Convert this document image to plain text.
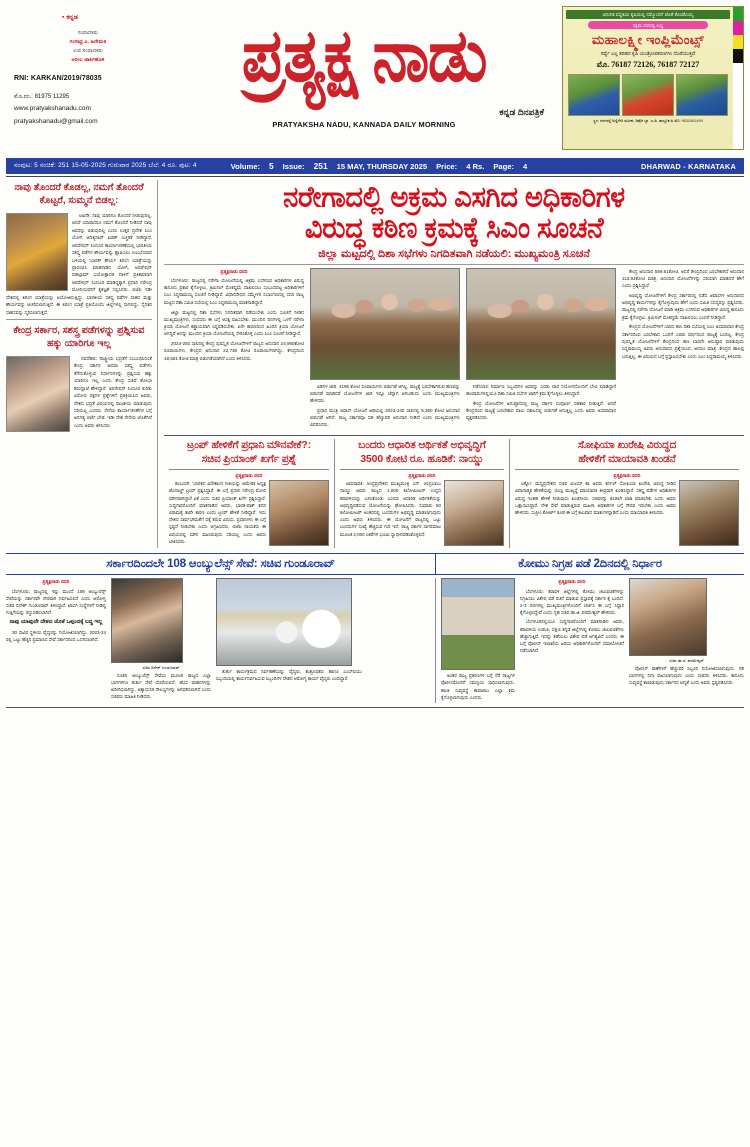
▪ ಕನ್ನಡ
ಸಂಪಾದಕರು
ಗಂಗಾಧ್ರ ಎ. ಹಿರೇಮಠ
ಉಪ ಸಂಪಾದಕರು
ಅನೀಲ ಜಾರ್ಕಿಹೊಳಿ
RNI: KARKAN/2019/78035
ಮೊ.ನಂ.: 81975 11295
www.pratyakshanadu.com
pratyakshanadu@gmail.com
ಪ್ರತ್ಯಕ್ಷ ನಾಡು
ಕನ್ನಡ ದಿನಪತ್ರಿಕೆ
PRATYAKSHA NADU, KANNADA DAILY MORNING
ಆಧುನಿಕ ಪದ್ಧತಿಯ ಕೃಷಿಯಲ್ಲಿ ನಮ್ಮೊಂದಿಗೆ ಜೊತೆ ಕೊಂಡೊಯ್ಯ
ಸಕ್ಷಮ ದರದಲ್ಲಿ ಲಭ್ಯ
ಮಹಾಲಕ್ಷ್ಮೀ ಇಂಪ್ಲಿಮೆಂಟ್ಸ್
ಸರ್ವ್ಯೆ ಎಲ್ಲ ತರಹದ ಕೃಷಿ ಯಂತ್ರೋಪಕರಣಗಳು ದೊರೆಯುತ್ತವೆ
ಮೊ. 76187 72126, 76187 72127
ಸ್ಥಳ: ಗದಗರಸ್ತೆ ಅಣ್ಣಿಗೇರಿ ಸಮೀಪ, ಡಿಪೋ ಬ್ಯಾ. ಎ-ಹಿ. ತಾಲ್ಲೂಕ-ಹಿ ಮೊ: 9632461499
ಸಂಪುಟ: 5 ಸಂಚಿಕೆ: 251 15-05-2025 ಗುರುವಾರ 2025 ಬೆಲೆ: 4 ರೂ. ಪುಟ: 4	Volume: 5 Issue: 251 15 MAY, THURSDAY 2025 Price: 4 Rs. Page: 4	DHARWAD - KARNATAKA
ನಾವು ತೊಂದರೆ ಕೊಡಲ್ಲ, ನಮಗೆ ತೊಂದರೆ ಕೊಟ್ಟರೆ, ಸುಮ್ಮನೆ ಬಿಡಲ್ಲ:

ಲಖನೌ: ನಾವು ಯಾರಿಗೂ ತೊಂದರೆ ನೀಡುವುದಿಲ್ಲ. ಆದರೆ ಯಾರಾದರೂ ನಮಗೆ ತೊಂದರೆ ನೀಡಿದರೆ ನಾವು ಅವರನ್ನು ಬಿಡುವುದಿಲ್ಲ ಎಂದು ಉತ್ತರ ಪ್ರದೇಶ ಸಿಎಂ ಯೋಗಿ ಆದಿತ್ಯನಾಥ್ ಖಡಕ್ ಎಚ್ಚರಿಕೆ ನೀಡಿದ್ದಾರೆ. ಆಪರೇಷನ್ ಸಿಂದೂರ ಕಾರ್ಯಾಚರಣೆಯಲ್ಲಿ ಭಾರತೀಯ ಸಶಸ್ತ್ರ ಪಡೆಗಳ ಶೌರ್ಯವನ್ನು ಶ್ಲಾಘಿಸಲು ಉಬಭೆಯಾದ ಬಳಿಯಲ್ಲಿ 'ಭಾರತ್ ಶೌರ್ಯ ತಿರಂಗ ಯಾತ್ರೆ'ಯನ್ನು ಪ್ರಾರಂಭಿಸಿ ಮಾತನಾಡಿದ ಯೋಗಿ, ಆಪರೇಷನ್ ಪಹಲ್ಗಾಮ್ ಭಯೋತ್ಪಾದಕ ದಾಳಿಗೆ ಪ್ರತಿಕಾರವಾಗಿ ಆಪರೇಷನ್ ಸಿಂದೂರ ಮಾಡಿದ್ದಕ್ಕಾಗಿ ಪ್ರಧಾನಿ ನರೇಂದ್ರ ಮೋದಿಯವರಿಗೆ ಕೃತಜ್ಞತೆ ಸಲ್ಲಿಸಿದರು. ಬಿಜೆಪಿ ಇಡೀ ದೇಶದಲ್ಲಿ ತಿರಂಗ ಯಾತ್ರೆಯನ್ನು ಆಯೋಜಿಸುತ್ತಿದ್ದು, ಭಾರತೀಯ ಸಶಸ್ತ್ರ ಪಡೆಗಳ ಸಾಹಸ ಮತ್ತು ಶೌರ್ಯವನ್ನು ಆಚರಿಸಲಾಗುತ್ತಿದೆ. ಈ ತಿರಂಗ ಯಾತ್ರೆ ಪ್ರತಿಯೊಂದು ಜಿಲ್ಲೆಗಳಲ್ಲಿ ಸಾಗಲಿದ್ದು, ಸೈನಿಕರ ಸಾಹಸವನ್ನು ಸ್ಮರಿಸಲಾಗುತ್ತದೆ.

ಕೇಂದ್ರ ಸರ್ಕಾರ, ಸಶಸ್ತ್ರ ಪಡೆಗಳನ್ನು ಪ್ರಶ್ನಿಸುವ ಹಕ್ಕು ಯಾರಿಗೂ ಇಲ್ಲ

ನವದೆಹಲಿ: 'ರಾಷ್ಟ್ರೀಯ ಭದ್ರತೆಗೆ ಸಂಬಂಧಿಸಿದಂತೆ ಕೇಂದ್ರ ಸರ್ಕಾರ ಅಥವಾ ಸಶಸ್ತ್ರ ಪಡೆಗಳು ತೆಗೆದುಕೊಳ್ಳುವ ನಿರ್ಧಾರಗಳನ್ನು ಪ್ರಶ್ನಿಸುವ ಹಕ್ಕು ಯಾರಿಗೂ ಇಲ್ಲ ಎಂದು ಕೇಂದ್ರ ಸಚಿವೆ ಶೋಭಾ ಕರಂದ್ಲಾಜೆ ಹೇಳಿದ್ದಾರೆ. ಆಪರೇಷನ್ ಸಿಂದೂರ ಕುರಿತು ವಿರೋಧ ಪಕ್ಷಗಳ ಪ್ರಶ್ನೆಗಳಿಗೆ ಪ್ರತಿಕ್ರಿಯಿಸಿದ ಅವರು, ದೇಶದ ಭದ್ರತೆ ವಿಷಯದಲ್ಲಿ ರಾಜಕೀಯ ಮಾಡುವುದು ಸರಿಯಲ್ಲ ಎಂದರು. ಸೇನೆಯ ಕಾರ್ಯಾಚರಣೆಗಳ ಬಗ್ಗೆ ಅನಗತ್ಯ ಚರ್ಚೆ ಬೇಡ. ಇಡೀ ದೇಶ ಸೇನೆಯ ಜೊತೆಗಿದೆ ಎಂದು ಅವರು ತಿಳಿಸಿದರು.

ನರೇಗಾದಲ್ಲಿ ಅಕ್ರಮ ಎಸಗಿದ ಅಧಿಕಾರಿಗಳ
ವಿರುದ್ಧ ಕಠಿಣ ಕ್ರಮಕ್ಕೆ ಸಿಎಂ ಸೂಚನೆ
ಜಿಲ್ಲಾ ಮಟ್ಟದಲ್ಲಿ ದಿಶಾ ಸಭೆಗಳು ನಿಗದಿತವಾಗಿ ನಡೆಯಲಿ: ಮುಖ್ಯಮಂತ್ರಿ ಸೂಚನೆ
ಪ್ರತ್ಯಕ್ಷನಾಡು ವರದಿ

ಬೆಂಗಳೂರು: ರಾಜ್ಯದಲ್ಲಿ ನರೇಗಾ ಯೋಜನೆಯಲ್ಲಿ ಅಕ್ರಮ ಎಸಗಿರುವ ಅಧಿಕಾರಿಗಳ ವಿರುದ್ಧ ಕಾನೂನು ಪ್ರಕಾರ ಕೈಗೊಳ್ಳಲು, ಕ್ರಿಮಿನಲ್ ಮೊಕದ್ದಮೆ ದಾಖಲಿಸಲು ಸಂಬಂಧಪಟ್ಟ ಅಧಿಕಾರಿಗಳಿಗೆ ಸಿಎಂ ಸಿದ್ದರಾಮಯ್ಯ ಸೂಚನೆ ನೀಡಿದ್ದಾರೆ. ವಿಧಾನಸೌಧದ ಸಮ್ಮೇಳನ ಸಭಾಂಗಣದಲ್ಲಿ ಸದನ ರಾಜ್ಯ ಮಟ್ಟದ ದಿಶಾ ಸಮಿತಿ ಸಭೆಯಲ್ಲಿ ಸಿಎಂ ಸಿದ್ದರಾಮಯ್ಯ ಮಾತನಾಡಿದ್ದಾರೆ.

ಜಿಲ್ಲಾ ಮಟ್ಟದಲ್ಲಿ ದಿಶಾ ಸಭೆಗಳು ನಿಗದಿತವಾಗಿ ನಡೆಯಬೇಕು ಎಂದು ಸೂಚನೆ ನೀಡಿದ ಮುಖ್ಯಮಂತ್ರಿಗಳು, ಸಂಸದರು ಈ ಬಗ್ಗೆ ಆಸಕ್ತಿ ವಹಿಸಬೇಕು. ಮುಂದಿನ ದಿನಗಳಲ್ಲಿ ಒಳಗೆ ನರೇಗಾ ಕ್ರಿಯಾ ಯೋಜನೆ ಕಡ್ಡಾಯವಾಗಿ ಸಿದ್ಧಪಡಿಸಬೇಕು. ಏನೇ ಕಾರಣದಿಂದ ಹಿಂದಿನ ಕ್ರಿಯಾ ಯೋಜನೆ ಆಗದ್ದಿರೆ ಅದನ್ನು ಮುಂದಿನ ಕ್ರಿಯಾ ಯೋಜನೆಯಲ್ಲಿ ಸೇರಿಸಿಕೊಳ್ಳಿ ಎಂದು ಸಿಎಂ ಸೂಚನೆ ನೀಡಿದ್ದಾರೆ.

2024-25ರ ಸಾಲಿನಲ್ಲಿ ಕೇಂದ್ರ ಪುರಸ್ಕೃತ ಯೋಜನೆಗಳಿಗೆ ರಾಜ್ಯದ ಅನುದಾನ 24,960ಕೋಟಿ ರೂಪಾಯಿಗಳು, ಕೇಂದ್ರದ ಅನುದಾನ 22,738 ಕೋಟಿ ರೂಪಾಯಿಗಳಾಗಿದ್ದು, ಕೇಂದ್ರದಿಂದ 18,561 ಕೋಟಿ ಮಾತ್ರ ಬಿಡುಗಡೆಯಾಗಿದೆ ಎಂದು ತಿಳಿಸಿದರು.

ವಿಡಿಗಳ ಜಾರಿ. 4195 ಕೋಟಿ ರೂಪಾಯಿಗಳು ಬಿಡುಗಡೆ ಆಗಿಲ್ಲ. ರಾಜ್ಯಕ್ಕೆ ಬರಬೇಕಾಗಿರುವ ಹಣವನ್ನು ಬಿಡುಗಡೆ ಮಾಡಿದರೆ ಯೋಜನೆಗಳ ಜಾರಿ ಇನ್ನೂ ಚೆನ್ನಾಗಿ ಆಗಬಹುದು ಎಂದು ಮುಖ್ಯಮಂತ್ರಿಗಳು ಹೇಳಿದರು.

ಪ್ರಧಾನ ಮಂತ್ರಿ ಆವಾಸ್ ಯೋಜನೆ ಅಡಿಯಲ್ಲಿ 2023-24ರ ಸಾಲಿನಲ್ಲಿ 5,360 ಕೋಟಿ ಅನುದಾನ ಬಿಡುಗಡೆ ಆಗಿದೆ. ರಾಜ್ಯ ಸರ್ಕಾರವೂ ಸಹ ಹೆಚ್ಚುವರಿ ಅನುದಾನ ನೀಡಿದೆ ಎಂದು ಮುಖ್ಯಮಂತ್ರಿಗಳು ವಿವರಿಸಿದರು.

ನಡೆಸಲಾದ ನಿರ್ಮಾಣ ಸಿಬ್ಬಂದಿಗಳ ಅವರನ್ನು ಎರಡು ವಾರ ನಿಯೋಗದೊಂದಿಗೆ ಭೇಟಿ ಮಾಡಿದ್ದಾರೆ ಹಲವಾರುಗಳಲ್ಲಿಯೂ ದಿಶಾ ಸಮಿತಿ ಸಭೆಗಳ ಜಾರಿಗೆ ಕ್ರಮ ಕೈಗೊಳ್ಳಲು ತಿಳಿಸಿದ್ದಾರೆ.

ಕೇಂದ್ರ ಯೋಜನೆಗಳ ಅನುಷ್ಠಾನದಲ್ಲಿ ರಾಜ್ಯ ಸರ್ಕಾರ ಸಂಪೂರ್ಣ ಸಹಕಾರ ನೀಡುತ್ತಿದೆ. ಆದರೆ ಕೇಂದ್ರದಿಂದ ರಾಜ್ಯಕ್ಕೆ ಬರಬೇಕಾದ ಪಾಲು ಸಕಾಲದಲ್ಲಿ ಬಿಡುಗಡೆ ಆಗುತ್ತಿಲ್ಲ ಎಂದು ಅವರು ಅಸಮಾಧಾನ ವ್ಯಕ್ತಪಡಿಸಿದರು.

ಕೇಂದ್ರ ಅನುದಾನ 559.61ಕೋಟಿ, ಆದರೆ ಕೇಂದ್ರದಿಂದ ಬರಬೇಕಾಗಿದೆ ಅನುದಾನ 113.92ಕೋಟಿ ಮಾತ್ರ. ಅನುದಾನ ಯೋಜನೆಗಳನ್ನು ಸರಿಯಾಗಿ ಮಾಡಿದರೆ ಹೇಗೆ ಎಂದು ಪ್ರಶ್ನಿಸಿದ್ದಾರೆ.

ಅಭಿವೃದ್ಧಿ ಯೋಜನೆಗಳಿಗೆ ಕೇಂದ್ರ ಸರ್ಕಾರದಲ್ಲಿ ನಡೆದ ಆವಾಸಗಳ ಅನುದಾನದ ಅಭಿವೃದ್ಧಿ ಕಾರ್ಯಗಳನ್ನು ಕೈಗೊಳ್ಳುವುದು ಹೇಗೆ ಎಂದು ಸಮಿತಿ ಸದಸ್ಯರನ್ನು ಪ್ರಶ್ನಿಸಿದರು. ರಾಜ್ಯದಲ್ಲಿ ನರೇಗಾ ಯೋಜನೆ ಮಾಡಿ ಅಕ್ರಮ ಎಸಗಿರುವ ಅಧಿಕಾರಿಗಳ ವಿರುದ್ಧ ಕಾನೂನು ಕ್ರಮ ಕೈಗೊಳ್ಳಲು, ಕ್ರಿಮಿನಲ್ ಮೊಕದ್ದಮೆ ದಾಖಲಿಸಲು ಎಂದರೆ ನೀಡಿದ್ದಾರೆ.

ಕೇಂದ್ರದ ಯೋಜನೆಗಳಿಗೆ ಬಾರದ ಹಣ ದಿಶಾ ಸಭೆಯಲ್ಲಿ ಸಿಎಂ ಅಸಮಾಧಾನ ಕೇಂದ್ರ ಸರ್ಕಾರದಿಂದ ಬರಬೇಕಾದ ಒಂದಿಗೆ ಎರಡು ವರ್ಷದಿಂದ ರಾಜ್ಯಕ್ಕೆ ಬಂದಿಲ್ಲ. ಕೇಂದ್ರ ಪುರಸ್ಕೃತ ಯೋಜನೆಗಳಿಗೆ ಕೇಂದ್ರದಿಂದ ಹಣ ಬಾರದೇ ಅನುಷ್ಠಾನ ಮಾಡುವುದು ಸಿದ್ದರಾಮಯ್ಯ ಅವರು ಅನುದಾನದ ಪ್ರಶ್ನೆಯಿಂದ, ಅದರೂ ಮಾತ್ರ. ಕೇಂದ್ರದ ಹಾಲಪ್ಪ ಬರುತ್ತಿಲ್ಲ. ಈ ವಿಷಯದ ಬಗ್ಗೆ ಪ್ರಸ್ತಾಪಿಸಬೇಕು ಎಂದು ಸಿಎಂ ಸಿದ್ದರಾಮಯ್ಯ ತಿಳಿಸಿದರು.

ಟ್ರಂಪ್ ಹೇಳಿಕೆಗೆ ಪ್ರಧಾನಿ ಮೌನವೇಕೆ?:
ಸಚಿವ ಪ್ರಿಯಾಂಕ್ ಖರ್ಗೆ ಪ್ರಶ್ನೆ
ಪ್ರತ್ಯಕ್ಷನಾಡು ವರದಿ

ಕಲಬುರಗಿ: 'ಭಾರತದ ವಿದೇಶಾಂಗ ನೀತಿಯನ್ನು ಅಮೇರಿಕ ಅಧ್ಯಕ್ಷ ಡೊನಾಲ್ಡ್ ಟ್ರಂಪ್ ಪ್ರಶ್ನಿಸಿದ್ದಾರೆ. ಈ ಬಗ್ಗೆ ಪ್ರಧಾನಿ ನರೇಂದ್ರ ಮೋದಿ ಮೌನವಾಗಿದ್ದಾರೆ ಏಕೆ ಎಂದು ಸಚಿವ ಪ್ರಿಯಾಂಕ್ ಖರ್ಗೆ ಪ್ರಶ್ನಿಸಿದ್ದಾರೆ. ಸುದ್ದಿಗಾರರೊಂದಿಗೆ ಮಾತನಾಡಿದ ಅವರು, ಭಾರತ-ಪಾಕ್ ಕದನ ವಿರಾಮಕ್ಕೆ ತಾವೇ ಕಾರಣ ಎಂದು ಟ್ರಂಪ್ ಹೇಳಿಕೆ ನೀಡಿದ್ದಾರೆ. ಇದು ದೇಶದ ಸಾರ್ವಭೌಮತೆಗೆ ಧಕ್ಕೆ ತರುವ ವಿಷಯ. ಪ್ರಧಾನಿಗಳು ಈ ಬಗ್ಗೆ ಸ್ಪಷ್ಟನೆ ನೀಡಬೇಕು ಎಂದು ಆಗ್ರಹಿಸಿದರು. ಬಿಜೆಪಿ ನಾಯಕರು ಈ ವಿಷಯದಲ್ಲಿ ಮೌನ ವಹಿಸಿರುವುದು ಸರಿಯಲ್ಲ ಎಂದು ಅವರು ಟೀಕಿಸಿದರು.

ಬಂದರು ಆಧಾರಿತ ಆರ್ಥಿಕತೆ ಅಭಿವೃದ್ಧಿಗೆ
3500 ಕೋಟಿ ರೂ. ಹೂಡಿಕೆ: ನಾಯ್ಡು
ಪ್ರತ್ಯಕ್ಷನಾಡು ವರದಿ

ಅಮರಾವತಿ: ಆಂಧ್ರಪ್ರದೇಶದ ಮುಖ್ಯಮಂತ್ರಿ ಎನ್. ಚಂದ್ರಬಾಬು ನಾಯ್ಡು ಅವರು ರಾಜ್ಯದ 1,000 ಕಿಲೋಮೀಟರ್ ಉದ್ದದ ಕರಾವಳಿಯನ್ನು ಬಳಸಿಕೊಂಡು ಬಂದರು ಆಧಾರಿತ ಆರ್ಥಿಕತೆಯನ್ನು ಅಭಿವೃದ್ಧಿಪಡಿಸುವ ಯೋಜನೆಯನ್ನು ಘೋಷಿಸಿದರು. ಸುಮಾರು 50 ಕಿಲೋಮೀಟರ್ ಅಂತರದಲ್ಲಿ ಬಂದರುಗಳ ಅಭಿವೃದ್ಧಿ ಮಾಡಲಾಗುವುದು ಎಂದು ಅವರು ತಿಳಿಸಿದರು. ಈ ಯೋಜನೆಗೆ ರಾಜ್ಯದಲ್ಲಿ ಒಟ್ಟು ಬಂದರುಗಳ ಸಂಖ್ಯೆ ಹೆಚ್ಚಿಸುವ ಗುರಿ ಇದೆ. ರಾಜ್ಯ ಸರ್ಕಾರ ಸಾಗರಮಾಲ ಮೂಲಕ 2,000 ಎಕರೆಗಳ ಭೂಮಿ ಸ್ವಾಧೀನಪಡಿಸಿಕೊಳ್ಳಲಿದೆ.

ಸೋಫಿಯಾ ಖುರೇಷಿ ವಿರುದ್ಧದ
ಹೇಳಿಕೆಗೆ ಮಾಯಾವತಿ ಖಂಡನೆ
ಪ್ರತ್ಯಕ್ಷನಾಡು ವರದಿ

ಲಕ್ನೋ: ಮಧ್ಯಪ್ರದೇಶದ ಸಚಿವ ವಿಜಯ್ ಶಾ ಅವರು ಕರ್ನಲ್ ಸೋಫಿಯಾ ಖುರೇಷಿ ವಿರುದ್ಧ ನೀಡಿದ ವಿವಾದಾತ್ಮಕ ಹೇಳಿಕೆಯನ್ನು ಬಿಎಸ್ಪಿ ಮುಖ್ಯಸ್ಥೆ ಮಾಯಾವತಿ ತೀವ್ರವಾಗಿ ಖಂಡಿಸಿದ್ದಾರೆ. ಸಶಸ್ತ್ರ ಪಡೆಗಳ ಅಧಿಕಾರಿಗಳ ವಿರುದ್ಧ ಇಂತಹ ಹೇಳಿಕೆ ನೀಡುವುದು ಖಂಡನೀಯ. ಸಚಿವರನ್ನು ಕೂಡಲೇ ವಜಾ ಮಾಡಬೇಕು ಎಂದು ಅವರು ಒತ್ತಾಯಿಸಿದ್ದಾರೆ. ದೇಶ ಸೇವೆ ಮಾಡುತ್ತಿರುವ ಮಹಿಳಾ ಅಧಿಕಾರಿಗಳ ಬಗ್ಗೆ ಗೌರವ ಇರಬೇಕು ಎಂದು ಅವರು ಹೇಳಿದರು. ಸುಪ್ರೀಂ ಕೋರ್ಟ್ ಕೂಡ ಈ ಬಗ್ಗೆ ಕಟುವಾದ ಮಾತುಗಳನ್ನಾಡಿದೆ ಎಂದು ಮಾಯಾವತಿ ತಿಳಿಸಿದರು.

ಸರ್ಕಾರದಿಂದಲೇ 108 ಆಂಬ್ಯುಲೆನ್ಸ್ ಸೇವೆ: ಸಚಿವ ಗುಂಡೂರಾವ್	ಕೋಮು ನಿಗ್ರಹ ಪಡೆ 2ದಿನದಲ್ಲಿ ನಿರ್ಧಾರ
ಪ್ರತ್ಯಕ್ಷನಾಡು ವರದಿ

ಬೆಂಗಳೂರು: ರಾಜ್ಯದಲ್ಲಿ ಇನ್ನು ಮುಂದೆ 108 ಆಂಬ್ಯುಲೆನ್ಸ್ ಸೇವೆಯನ್ನು ಸರ್ಕಾರವೇ ನೇರವಾಗಿ ನಿರ್ವಹಿಸಲಿದೆ ಎಂದು ಆರೋಗ್ಯ ಸಚಿವ ದಿನೇಶ್ ಗುಂಡೂರಾವ್ ತಿಳಿಸಿದ್ದಾರೆ. ಖಾಸಗಿ ಸಂಸ್ಥೆಗಳಿಗೆ ನೀಡಿದ್ದ ಗುತ್ತಿಗೆಯನ್ನು ರದ್ದುಪಡಿಸಲಾಗಿದೆ.

ನಾವು ಯಾವುದೇ ದೇಶದ ಜೊತೆ ಒಪ್ಪಂದಕ್ಕೆ ಬದ್ಧ ಇಲ್ಲ

30 ಸಾವಿರ ಸ್ಥಳೀಯ ವೈದ್ಯರನ್ನು ನಿಯೋಜಿಸಲಾಗಿದ್ದು, 2023-24 ರಲ್ಲಿ ಒಟ್ಟು ಹೆಚ್ಚಿನ ಪ್ರಮಾಣದ ಸೇವೆ ಸರ್ಕಾರದಿಂದ ಒದಗಿಸಲಾಗಿದೆ.

ಸಚಿವ ದಿನೇಶ್ ಗುಂಡೂರಾವ್

ನೂತನ ಆಂಬ್ಯುಲೆನ್ಸ್ ಸೇವೆಯ ಮೂಲಕ ರಾಜ್ಯದ ಎಲ್ಲಾ ಭಾಗಗಳಿಗೂ ತುರ್ತು ಸೇವೆ ದೊರೆಯಲಿದೆ. ಹೊಸ ವಾಹನಗಳನ್ನು ಖರೀದಿಸಲಾಗಿದ್ದು, ಅತ್ಯಾಧುನಿಕ ಸೌಲಭ್ಯಗಳನ್ನು ಅಳವಡಿಸಲಾಗಿದೆ ಎಂದು ಸಚಿವರು ಮಾಹಿತಿ ನೀಡಿದರು.

ತುರ್ತು ಕಾರ್ಯಕ್ರಮದ ನಿರ್ವಹಣೆಯನ್ನು ವೈದ್ಯರು, ಶುಶ್ರೂಷಕರು ಹಾಗೂ ಎಎಸ್ಐಯು ಸಿಬ್ಬಂದಿಯಲ್ಲಿ ಕಾರ್ಯನಿರ್ವಹಿಸುವ ಸಿಬ್ಬಂದಿಗಳ ದೇಶದ ಆರೋಗ್ಯ ಕಾರ್ಯ ವೈದ್ಯರು ಎಂದಿದ್ದಾರೆ.

ಅಂತರ ರಾಜ್ಯ ಪ್ರಕರಣಗಳ ಬಗ್ಗೆ ನೆರೆ ರಾಜ್ಯಗಳ ಪೊಲೀಸರೊಂದಿಗೆ ಸಮನ್ವಯ ಸಾಧಿಸಲಾಗುವುದು. ಶಾಂತಿ ಸುವ್ಯವಸ್ಥೆ ಕಾಪಾಡಲು ಎಲ್ಲಾ ಕ್ರಮ ಕೈಗೊಳ್ಳಲಾಗುವುದು ಎಂದರು.

ಪ್ರತ್ಯಕ್ಷನಾಡು ವರದಿ

ಬೆಂಗಳೂರು: ಕರಾವಳಿ ಜಿಲ್ಲೆಗಳಲ್ಲಿ ಕೋಮು ಚಟುವಟಿಕೆಗಳನ್ನು ನಿಗ್ರಹಿಸಲು ವಿಶೇಷ ಪಡೆ ರಚನೆ ಮಾಡುವ ಪ್ರಸ್ತಾಪಕ್ಕೆ ಸರ್ಕಾರ ಕ್ಕೆ ಬಂದಿದೆ. 2-3 ದಿನಗಳಲ್ಲಿ ಮುಖ್ಯಮಂತ್ರಿಗಳೊಂದಿಗೆ ಚರ್ಚಿಸಿ ಈ ಬಗ್ಗೆ ಸಿದ್ಧಾರ ಕೈಗೊಳ್ಳಲಿದ್ದೇವೆ ಎಂದು ಗೃಹ ಸಚಿವ ಡಾ.ಜಿ. ಪರಮೇಶ್ವರ್ ಹೇಳಿದರು.

ಬೆಂಗಳೂರಿನಲ್ಲಿಯೂ ಸುದ್ದಿಗಾರರೊಂದಿಗೆ ಮಾತನಾಡಿದ ಅವರು, ಕರಾವಳಿಯ ಉಡುಪಿ, ದಕ್ಷಿಣ ಕನ್ನಡ ಜಿಲ್ಲೆಗಳಲ್ಲಿ ಕೋಮು ಚಟುವಟಿಕೆಗಳು ಹೆಚ್ಚಾಗುತ್ತಿವೆ. ಇದನ್ನು ತಡೆಯಲು ವಿಶೇಷ ಪಡೆ ಅಗತ್ಯವಿದೆ ಎಂದರು. ಈ ಬಗ್ಗೆ ಪೊಲೀಸ್ ಇಲಾಖೆಯ ಹಿರಿಯ ಅಧಿಕಾರಿಗಳೊಂದಿಗೆ ಸಮಾಲೋಚನೆ ನಡೆಸಲಾಗಿದೆ.

ಸಚಿವ ಡಾ.ಜಿ. ಪರಮೇಶ್ವರ್

ಪೊಲೀಸ್ ಠಾಣೆಗಳಿಗೆ ಹೆಚ್ಚುವರಿ ಸಿಬ್ಬಂದಿ ನಿಯೋಜಿಸಲಾಗುವುದು. ಗಡಿ ಭಾಗಗಳಲ್ಲಿ ನಿಗಾ ವಹಿಸಲಾಗುವುದು ಎಂದು ಸಚಿವರು ತಿಳಿಸಿದರು. ಕಾನೂನು ಸುವ್ಯವಸ್ಥೆ ಕಾಪಾಡುವುದು ಸರ್ಕಾರದ ಆದ್ಯತೆ ಎಂದು ಅವರು ಸ್ಪಷ್ಟಪಡಿಸಿದರು.
